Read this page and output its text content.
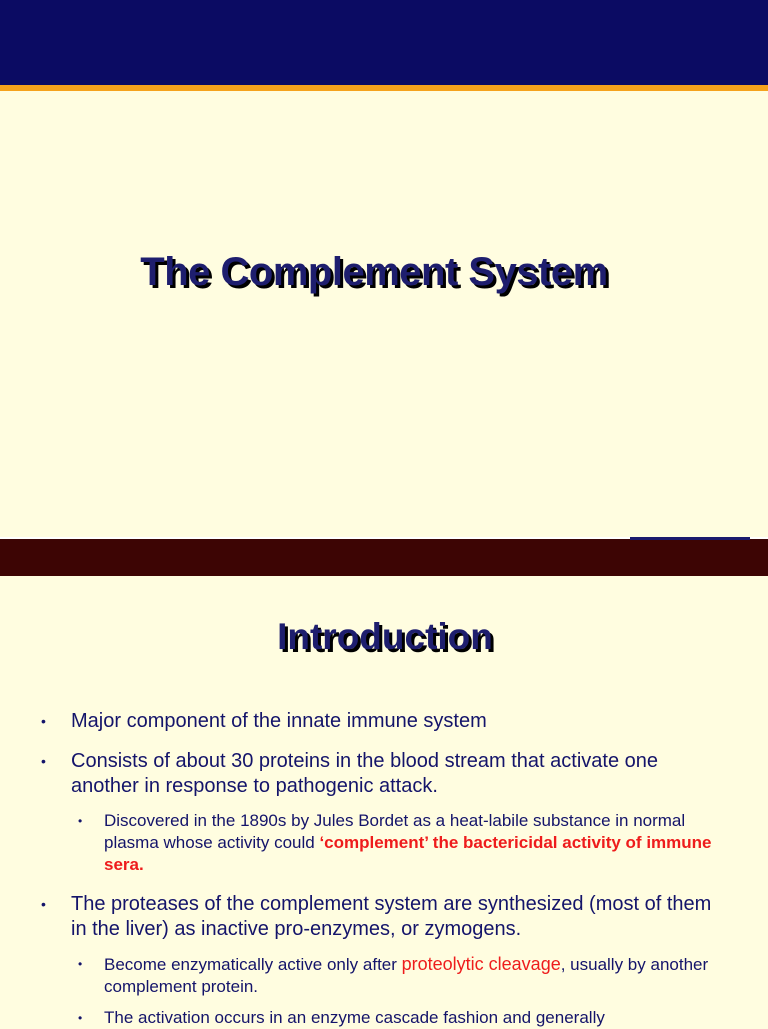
The Complement System
Introduction
• Major component of the innate immune system
• Consists of about 30 proteins in the blood stream that activate one another in response to pathogenic attack.
• Discovered in the 1890s by Jules Bordet as a heat-labile substance in normal plasma whose activity could ‘complement’ the bactericidal activity of immune sera.
• The proteases of the complement system are synthesized (most of them in the liver) as inactive pro-enzymes, or zymogens.
• Become enzymatically active only after proteolytic cleavage, usually by another complement protein.
• The activation occurs in an enzyme cascade fashion and generally
